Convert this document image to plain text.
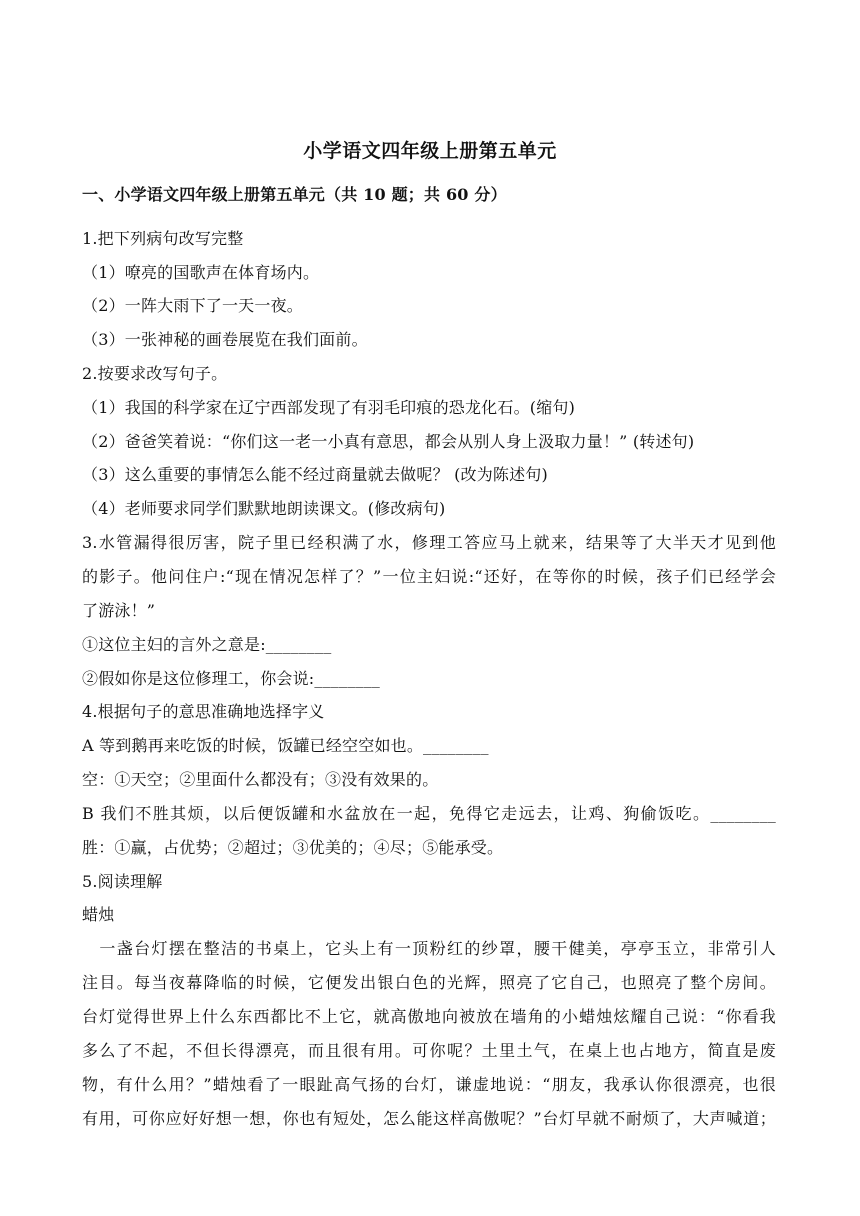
小学语文四年级上册第五单元
一、小学语文四年级上册第五单元（共 10 题；共 60 分）
1.把下列病句改写完整
（1）嘹亮的国歌声在体育场内。
（2）一阵大雨下了一天一夜。
（3）一张神秘的画卷展览在我们面前。
2.按要求改写句子。
（1）我国的科学家在辽宁西部发现了有羽毛印痕的恐龙化石。(缩句)
（2）爸爸笑着说：“你们这一老一小真有意思，都会从别人身上汲取力量！” (转述句)
（3）这么重要的事情怎么能不经过商量就去做呢？ (改为陈述句)
（4）老师要求同学们默默地朗读课文。(修改病句)
3.水管漏得很厉害，院子里已经积满了水，修理工答应马上就来，结果等了大半天才见到他
的影子。他问住户:“现在情况怎样了？”一位主妇说:“还好，在等你的时候，孩子们已经学会
了游泳！”
①这位主妇的言外之意是:________
②假如你是这位修理工，你会说:________
4.根据句子的意思准确地选择字义
A 等到鹅再来吃饭的时候，饭罐已经空空如也。________
空：①天空；②里面什么都没有；③没有效果的。
B 我们不胜其烦，以后便饭罐和水盆放在一起，免得它走远去，让鸡、狗偷饭吃。________
胜：①赢，占优势；②超过；③优美的；④尽；⑤能承受。
5.阅读理解
蜡烛
　一盏台灯摆在整洁的书桌上，它头上有一顶粉红的纱罩，腰干健美，亭亭玉立，非常引人
注目。每当夜幕降临的时候，它便发出银白色的光辉，照亮了它自己，也照亮了整个房间。
台灯觉得世界上什么东西都比不上它，就高傲地向被放在墙角的小蜡烛炫耀自己说：“你看我
多么了不起，不但长得漂亮，而且很有用。可你呢？土里土气，在桌上也占地方，简直是废
物，有什么用？”蜡烛看了一眼趾高气扬的台灯，谦虚地说：“朋友，我承认你很漂亮，也很
有用，可你应好好想一想，你也有短处，怎么能这样高傲呢？”台灯早就不耐烦了，大声喊道；
